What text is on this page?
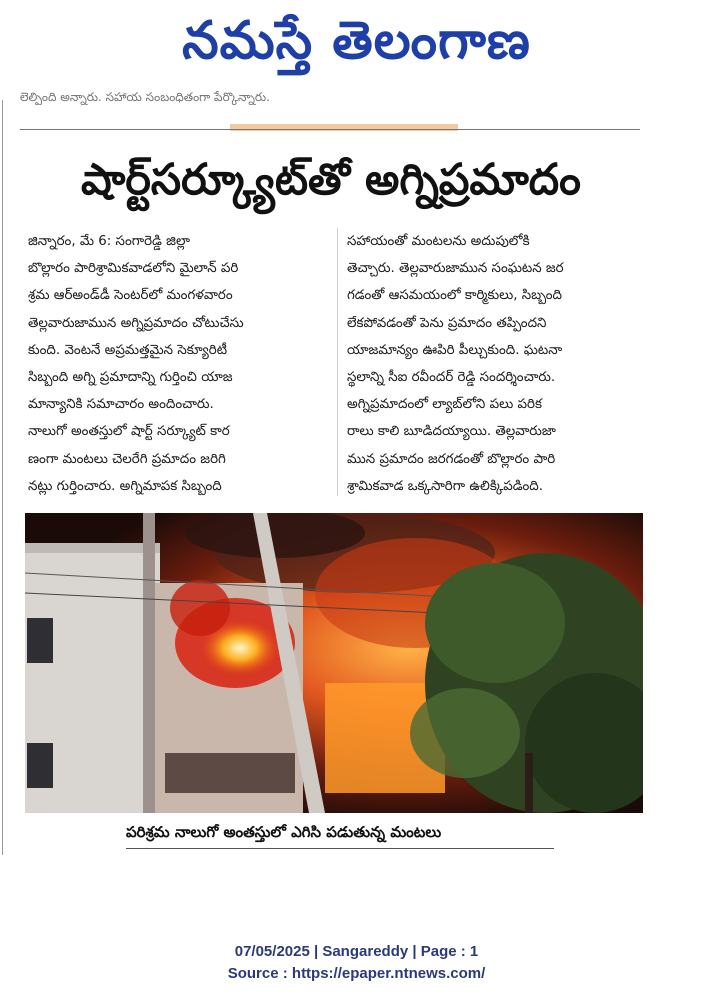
నమస్తే తెలంగాణ
లెల్పింది అన్నారు. సహాయ సంబంధితంగా పేర్కొన్నారు.
షార్ట్‌సర్క్యూట్‌తో అగ్నిప్రమాదం

జిన్నారం, మే 6: సంగారెడ్డి జిల్లా

బొల్లారం పారిశ్రామికవాడలోని మైలాన్ పరి

శ్రమ ఆర్‌అండ్‌డీ సెంటర్‌లో మంగళవారం

తెల్లవారుజామున అగ్నిప్రమాదం చోటుచేసు

కుంది. వెంటనే అప్రమత్తమైన సెక్యూరిటీ

సిబ్బంది అగ్ని ప్రమాదాన్ని గుర్తించి యాజ

మాన్యానికి సమాచారం అందించారు.

నాలుగో అంతస్తులో షార్ట్ సర్క్యూట్ కార

ణంగా మంటలు చెలరేగి ప్రమాదం జరిగి

నట్లు గుర్తించారు. అగ్నిమాపక సిబ్బంది

సహాయంతో మంటలను అదుపులోకి

తెచ్చారు. తెల్లవారుజామున సంఘటన జర

గడంతో ఆసమయంలో కార్మికులు, సిబ్బంది

లేకపోవడంతో పెను ప్రమాదం తప్పిందని

యాజమాన్యం ఊపిరి పీల్చుకుంది. ఘటనా

స్థలాన్ని సీఐ రవీందర్ రెడ్డి సందర్శించారు.

అగ్నిప్రమాదంలో ల్యాబ్‌లోని పలు పరిక

రాలు కాలి బూడిదయ్యాయి. తెల్లవారుజా

మున ప్రమాదం జరగడంతో బొల్లారం పారి

శ్రామికవాడ ఒక్కసారిగా ఉలిక్కిపడింది.

పరిశ్రమ నాలుగో అంతస్తులో ఎగిసి పడుతున్న మంటలు
07/05/2025 | Sangareddy | Page : 1
Source : https://epaper.ntnews.com/
